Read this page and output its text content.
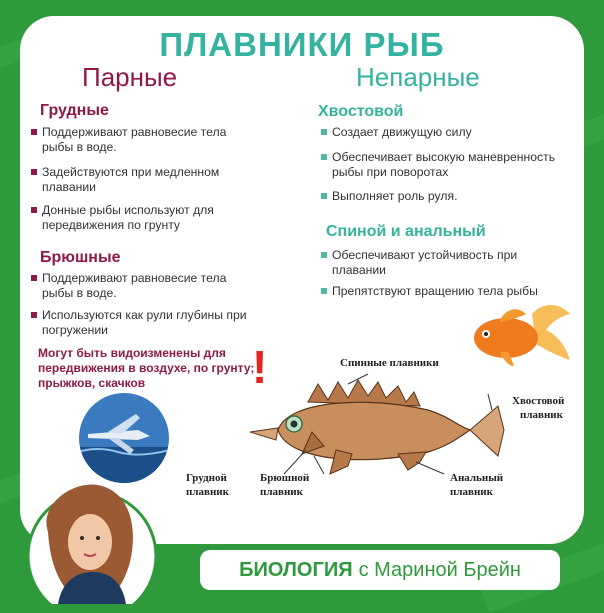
ПЛАВНИКИ РЫБ
Парные	Непарные
Грудные
Поддерживают равновесие тела рыбы в воде.
Задействуются при медленном плавании
Донные рыбы используют для передвижения по грунту
Брюшные
Поддерживают равновесие тела рыбы в воде.
Используются как рули глубины при погружении
Могут быть видоизменены для передвижения в воздухе, по грунту; прыжков, скачков	!
Хвостовой
Создает движущую силу
Обеспечивает высокую маневренность рыбы при поворотах
Выполняет роль руля.
Спиной и анальный
Обеспечивают устойчивость при плавании
Препятствуют вращению тела рыбы
Спинные плавники
Хвостовой
плавник
Грудной
плавник
Брюшной
плавник
Анальный
плавник
БИОЛОГИЯ с Мариной Брейн
